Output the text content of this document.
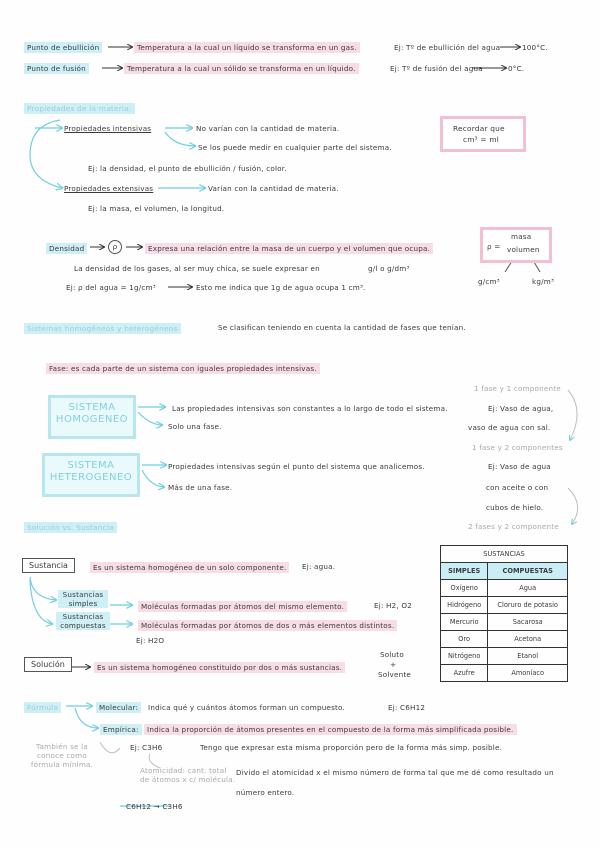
Punto de ebullición	Temperatura a la cual un líquido se transforma en un gas.	Ej: Tº de ebullición del agua	100°C.
Punto de fusión	Temperatura a la cual un sólido se transforma en un líquido.	Ej: Tº de fusión del agua	0°C.
Propiedades de la materia.
Propiedades intensivas	No varían con la cantidad de materia.
Se los puede medir en cualquier parte del sistema.
Ej: la densidad, el punto de ebullición / fusión, color.
Propiedades extensivas	Varían con la cantidad de materia.
Ej: la masa, el volumen, la longitud.
Recordar que
cm³ = ml
Densidad	ρ	Expresa una relación entre la masa de un cuerpo y el volumen que ocupa.
La densidad de los gases, al ser muy chica, se suele expresar en	g/l o g/dm³
Ej: ρ del agua = 1g/cm³	Esto me indica que 1g de agua ocupa 1 cm³.
ρ =
masa
volumen
g/cm³	kg/m³
Sistemas homogéneos y heterogéneos	Se clasifican teniendo en cuenta la cantidad de fases que tenían.
Fase: es cada parte de un sistema con iguales propiedades intensivas.
SISTEMA HOMOGENEO
Las propiedades intensivas son constantes a lo largo de todo el sistema.
Solo una fase.
1 fase y 1 componente
Ej: Vaso de agua,
vaso de agua con sal.
1 fase y 2 componentes
SISTEMA HETEROGENEO
Propiedades intensivas según el punto del sistema que analicemos.
Más de una fase.
Ej: Vaso de agua
con aceite o con
cubos de hielo.
2 fases y 2 componente
Solución vs. Sustancia
Sustancia	Es un sistema homogéneo de un solo componente.	Ej: agua.
Sustancias simples	Moléculas formadas por átomos del mismo elemento.	Ej: H2, O2
Sustancias compuestas	Moléculas formadas por átomos de dos o más elementos distintos.
Ej: H2O
Solución	Es un sistema homogéneo constituido por dos o más sustancias.
Soluto
+
Solvente
SUSTANCIAS	
SIMPLES	COMPUESTAS
Oxígeno	Agua
Hidrógeno	Cloruro de potasio
Mercurio	Sacarosa
Oro	Acetona
Nitrógeno	Etanol
Azufre	Amoníaco
Fórmula	Molecular:	Indica qué y cuántos átomos forman un compuesto.	Ej: C6H12
Empírica:	Indica la proporción de átomos presentes en el compuesto de la forma más simplificada posible.
También se la conoce como fórmula mínima.
Ej: C3H6	Tengo que expresar esta misma proporción pero de la forma más simp. posible.
Atomicidad: cant. total de átomos x c/ molécula.
Divido el atomicidad x el mismo número de forma tal que me dé como resultado un número entero.
C6H12 → C3H6
